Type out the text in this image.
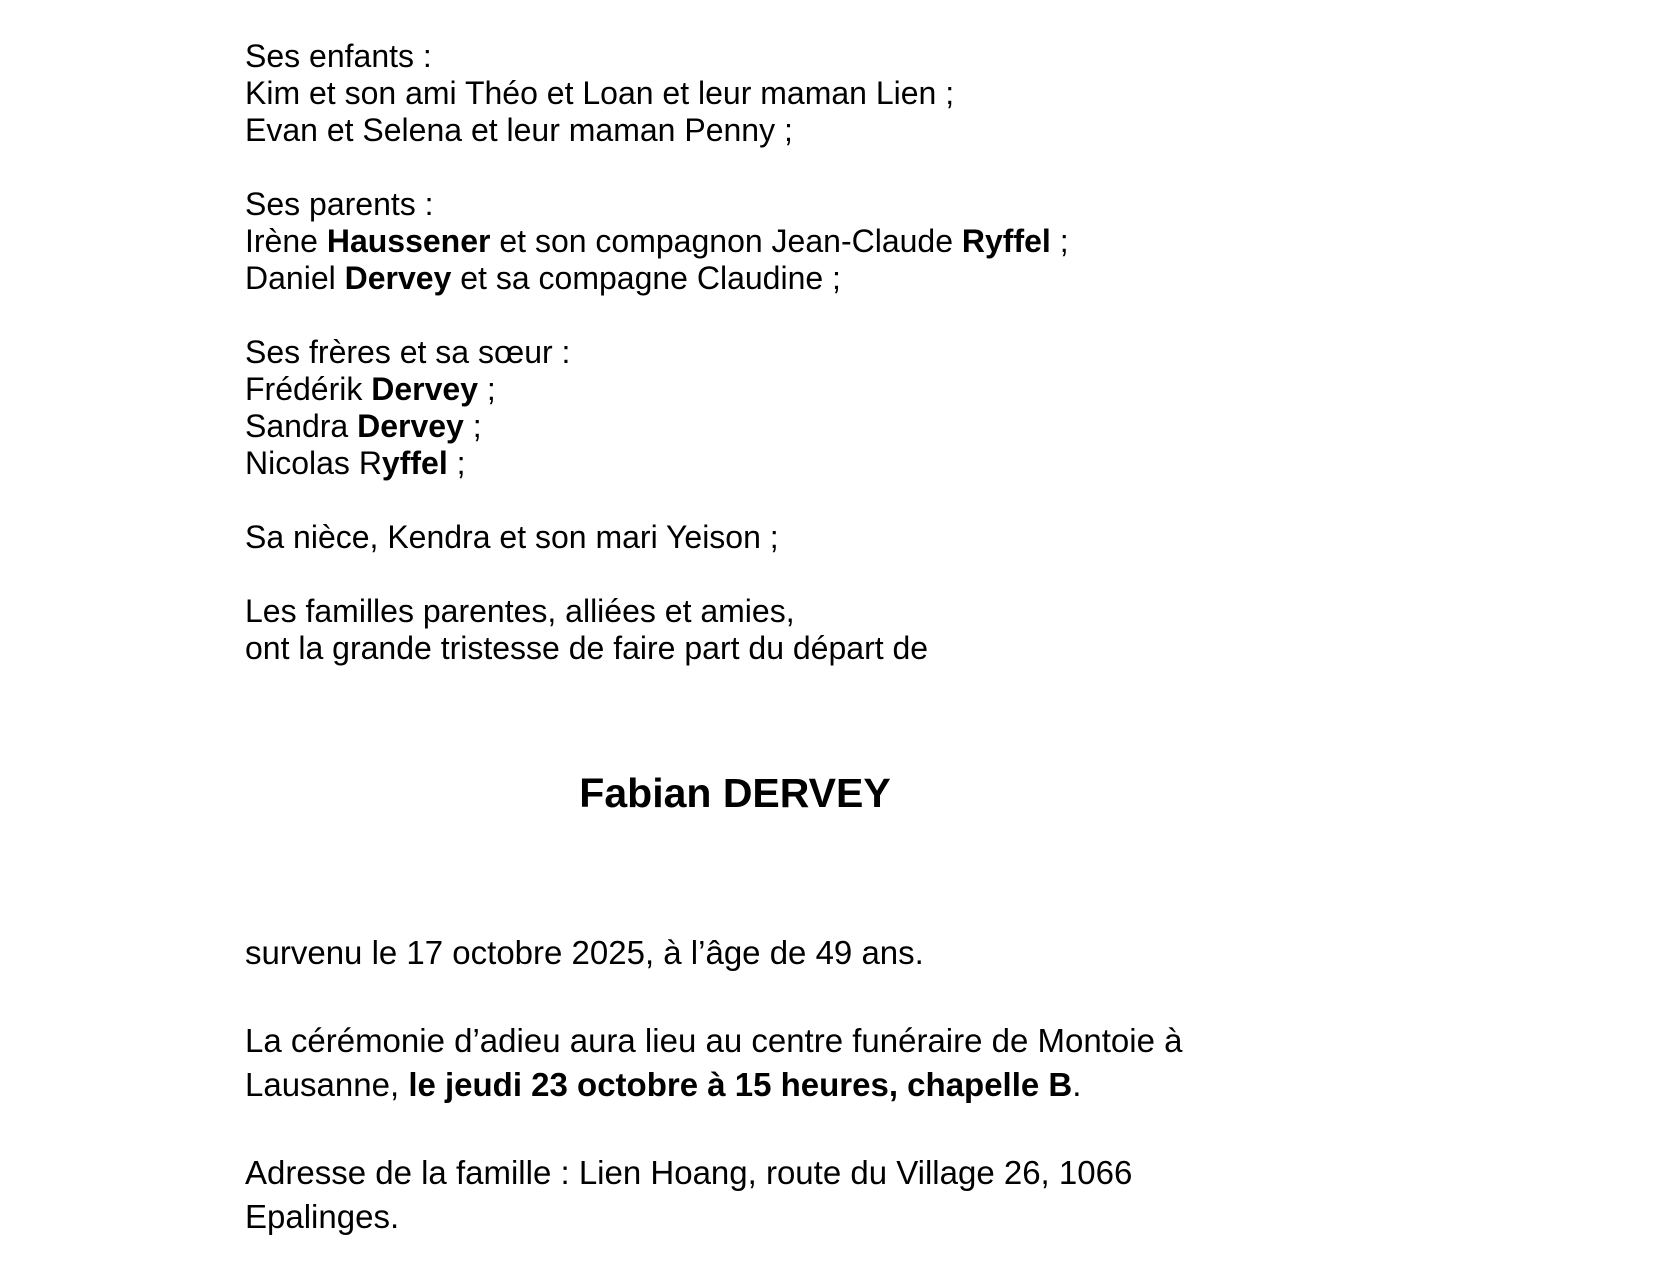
Ses enfants :
Kim et son ami Théo et Loan et leur maman Lien ;
Evan et Selena et leur maman Penny ;

Ses parents :
Irène Haussener et son compagnon Jean-Claude Ryffel ;
Daniel Dervey et sa compagne Claudine ;

Ses frères et sa sœur :
Frédérik Dervey ;
Sandra Dervey ;
Nicolas Ryffel ;

Sa nièce, Kendra et son mari Yeison ;

Les familles parentes, alliées et amies,
ont la grande tristesse de faire part du départ de

Fabian DERVEY

survenu le 17 octobre 2025, à l’âge de 49 ans.

La cérémonie d’adieu aura lieu au centre funéraire de Montoie à
Lausanne, le jeudi 23 octobre à 15 heures, chapelle B.

Adresse de la famille : Lien Hoang, route du Village 26, 1066
Epalinges.
